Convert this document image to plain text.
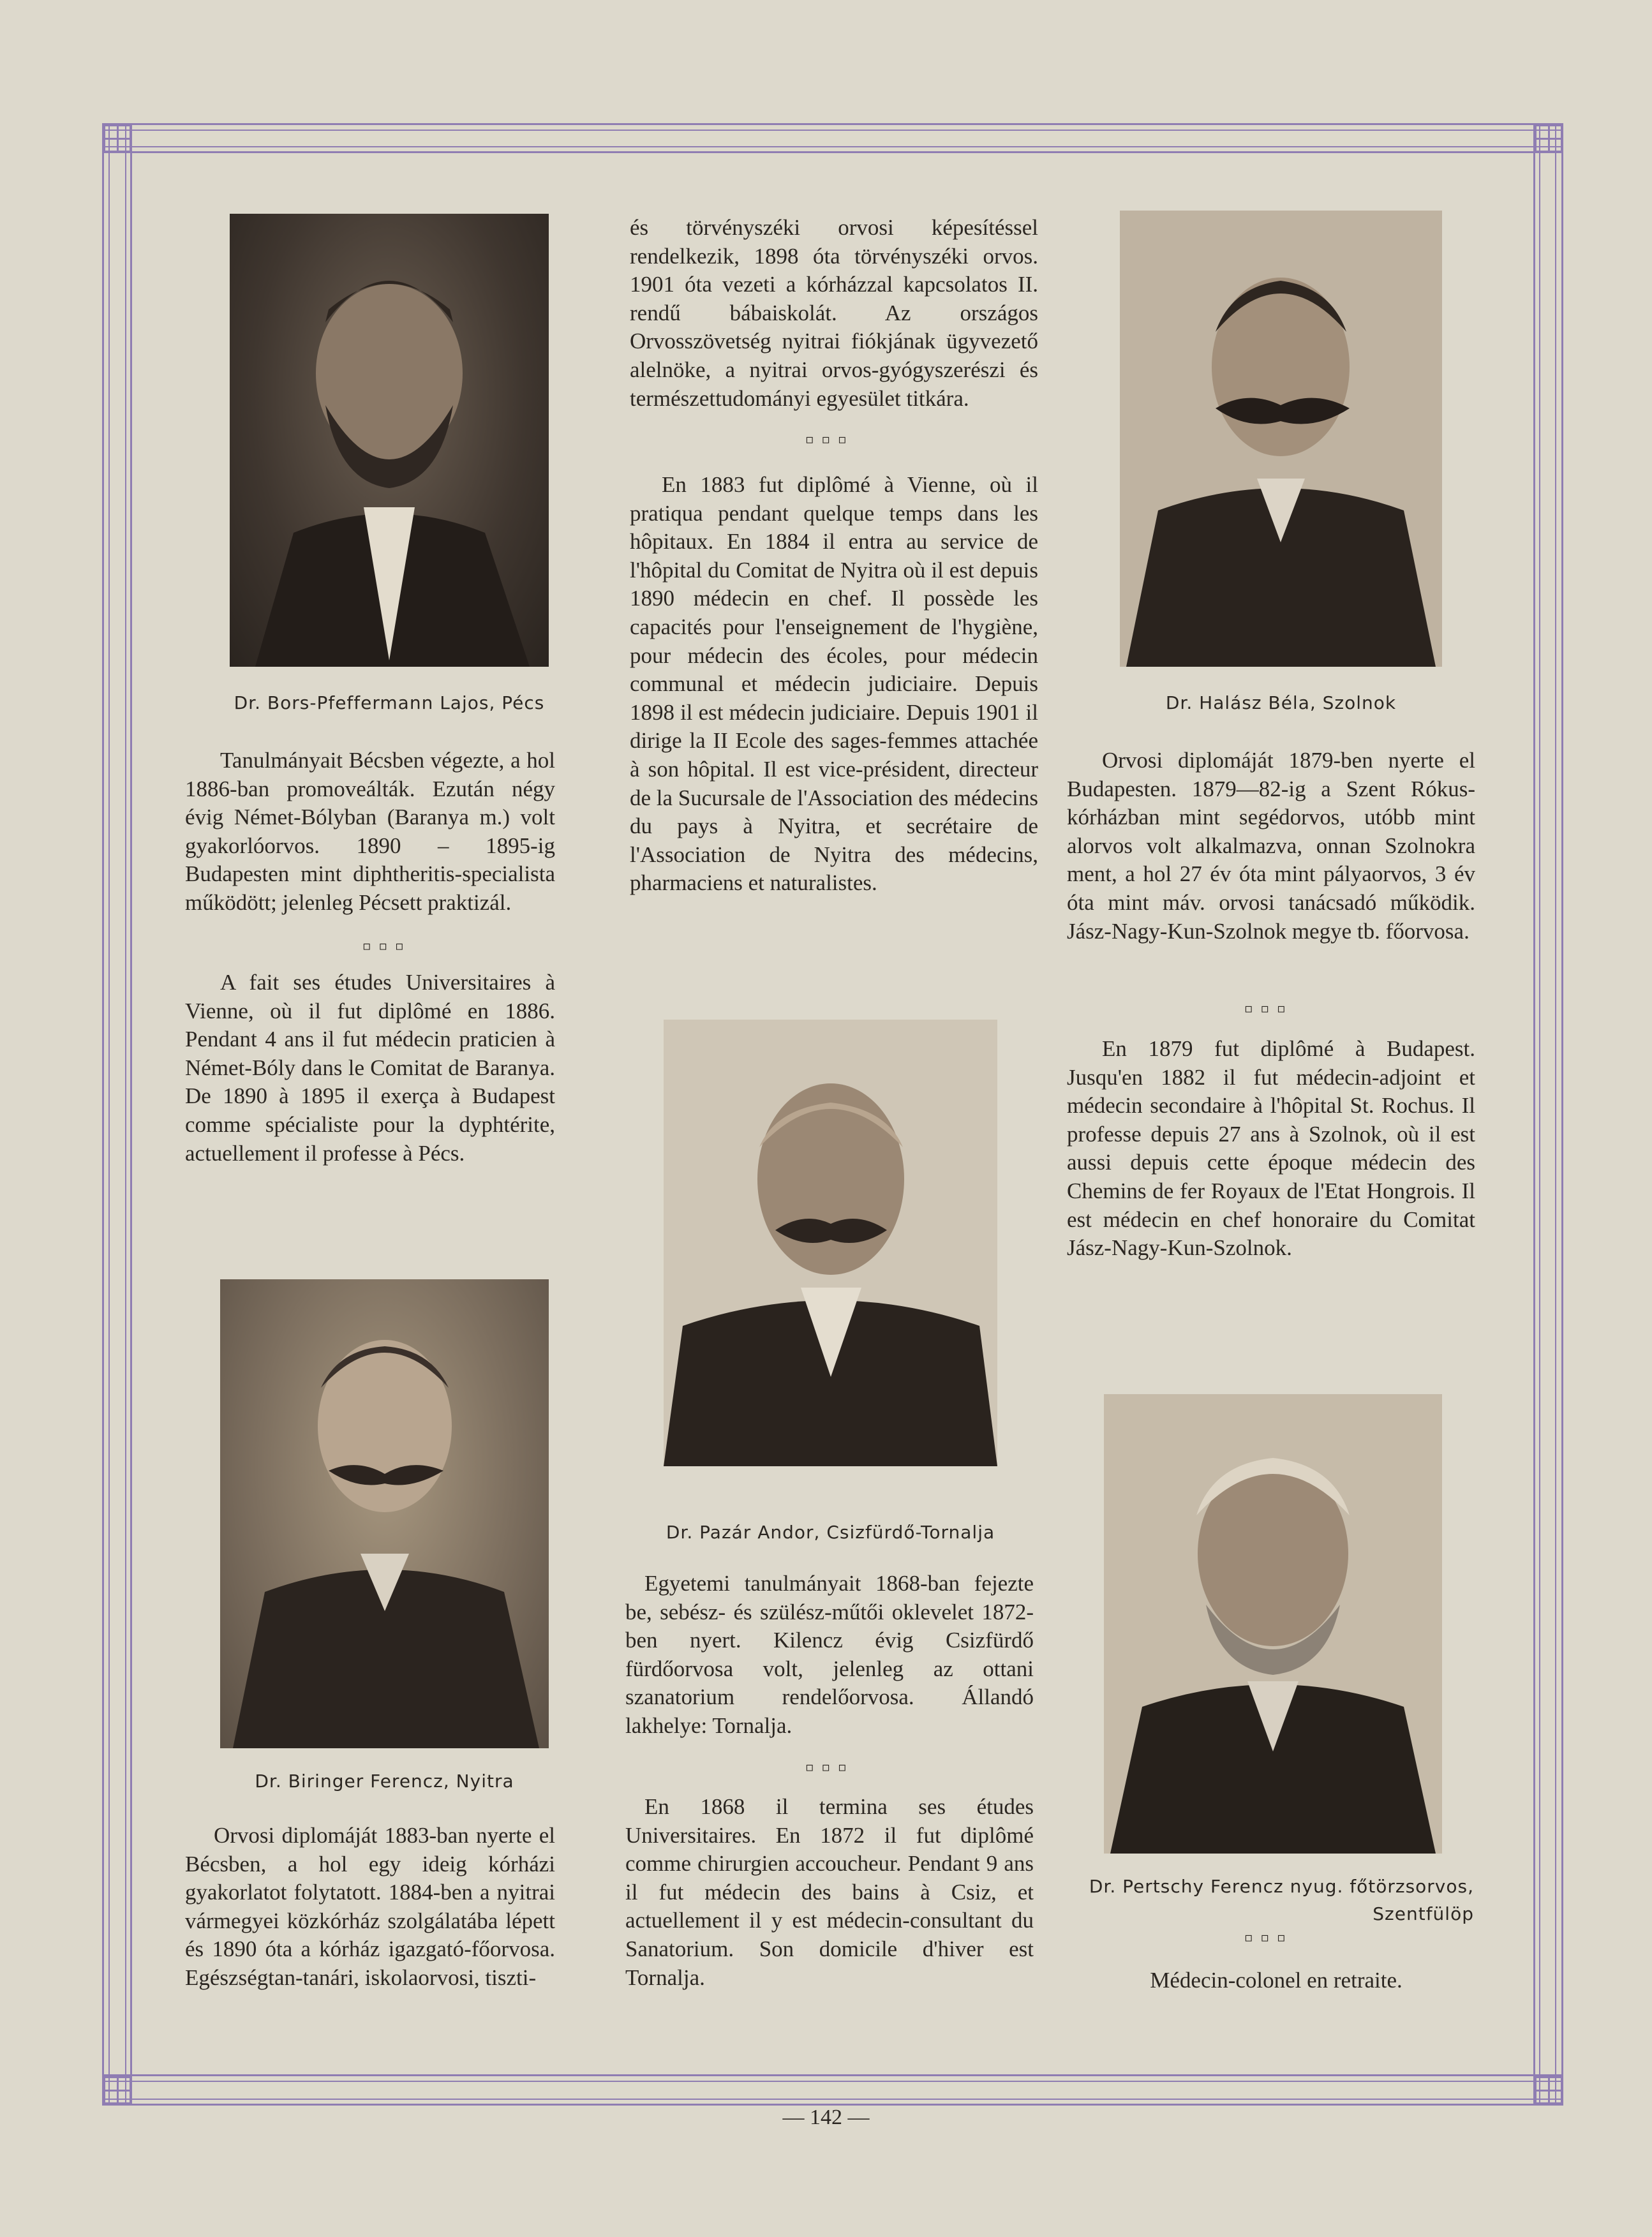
Dr. Bors-Pfeffermann Lajos, Pécs

Tanulmányait Bécsben végezte, a hol 1886-ban promoveálták. Ezután négy évig Német-Bólyban (Baranya m.) volt gyakorlóorvos. 1890 – 1895-ig Budapesten mint diphtheritis-specialista működött; jelenleg Pécsett praktizál.

▫▫▫

A fait ses études Universitaires à Vienne, où il fut diplômé en 1886. Pendant 4 ans il fut médecin praticien à Német-Bóly dans le Comitat de Baranya. De 1890 à 1895 il exerça à Budapest comme spécialiste pour la dyphtérite, actuellement il professe à Pécs.

Dr. Biringer Ferencz, Nyitra

Orvosi diplomáját 1883-ban nyerte el Bécsben, a hol egy ideig kórházi gyakorlatot folytatott. 1884-ben a nyitrai vármegyei közkórház szolgálatába lépett és 1890 óta a kórház igazgató-főorvosa. Egészségtan-tanári, iskolaorvosi, tiszti-

és törvényszéki orvosi képesítéssel rendelkezik, 1898 óta törvényszéki orvos. 1901 óta vezeti a kórházzal kapcsolatos II. rendű bábaiskolát. Az országos Orvosszövetség nyitrai fiókjának ügyvezető alelnöke, a nyitrai orvos-gyógyszerészi és természettudományi egyesület titkára.

▫▫▫

En 1883 fut diplômé à Vienne, où il pratiqua pendant quelque temps dans les hôpitaux. En 1884 il entra au service de l'hôpital du Comitat de Nyitra où il est depuis 1890 médecin en chef. Il possède les capacités pour l'enseignement de l'hygiène, pour médecin des écoles, pour médecin communal et médecin judiciaire. Depuis 1898 il est médecin judiciaire. Depuis 1901 il dirige la II Ecole des sages-femmes attachée à son hôpital. Il est vice-président, directeur de la Sucursale de l'Association des médecins du pays à Nyitra, et secrétaire de l'Association de Nyitra des médecins, pharmaciens et naturalistes.

Dr. Pazár Andor, Csizfürdő-Tornalja

Egyetemi tanulmányait 1868-ban fejezte be, sebész- és szülész-műtői oklevelet 1872-ben nyert. Kilencz évig Csizfürdő fürdőorvosa volt, jelenleg az ottani szanatorium rendelőorvosa. Állandó lakhelye: Tornalja.

▫▫▫

En 1868 il termina ses études Universitaires. En 1872 il fut diplômé comme chirurgien accoucheur. Pendant 9 ans il fut médecin des bains à Csiz, et actuellement il y est médecin-consultant du Sanatorium. Son domicile d'hiver est Tornalja.

Dr. Halász Béla, Szolnok

Orvosi diplomáját 1879-ben nyerte el Budapesten. 1879—82-ig a Szent Rókus-kórházban mint segédorvos, utóbb mint alorvos volt alkalmazva, onnan Szolnokra ment, a hol 27 év óta mint pályaorvos, 3 év óta mint máv. orvosi tanácsadó működik. Jász-Nagy-Kun-Szolnok megye tb. főorvosa.

▫▫▫

En 1879 fut diplômé à Budapest. Jusqu'en 1882 il fut médecin-adjoint et médecin secondaire à l'hôpital St. Rochus. Il professe depuis 27 ans à Szolnok, où il est aussi depuis cette époque médecin des Chemins de fer Royaux de l'Etat Hongrois. Il est médecin en chef honoraire du Comitat Jász-Nagy-Kun-Szolnok.

Dr. Pertschy Ferencz nyug. főtörzsorvos,
Szentfülöp
▫▫▫

Médecin-colonel en retraite.

— 142 —
